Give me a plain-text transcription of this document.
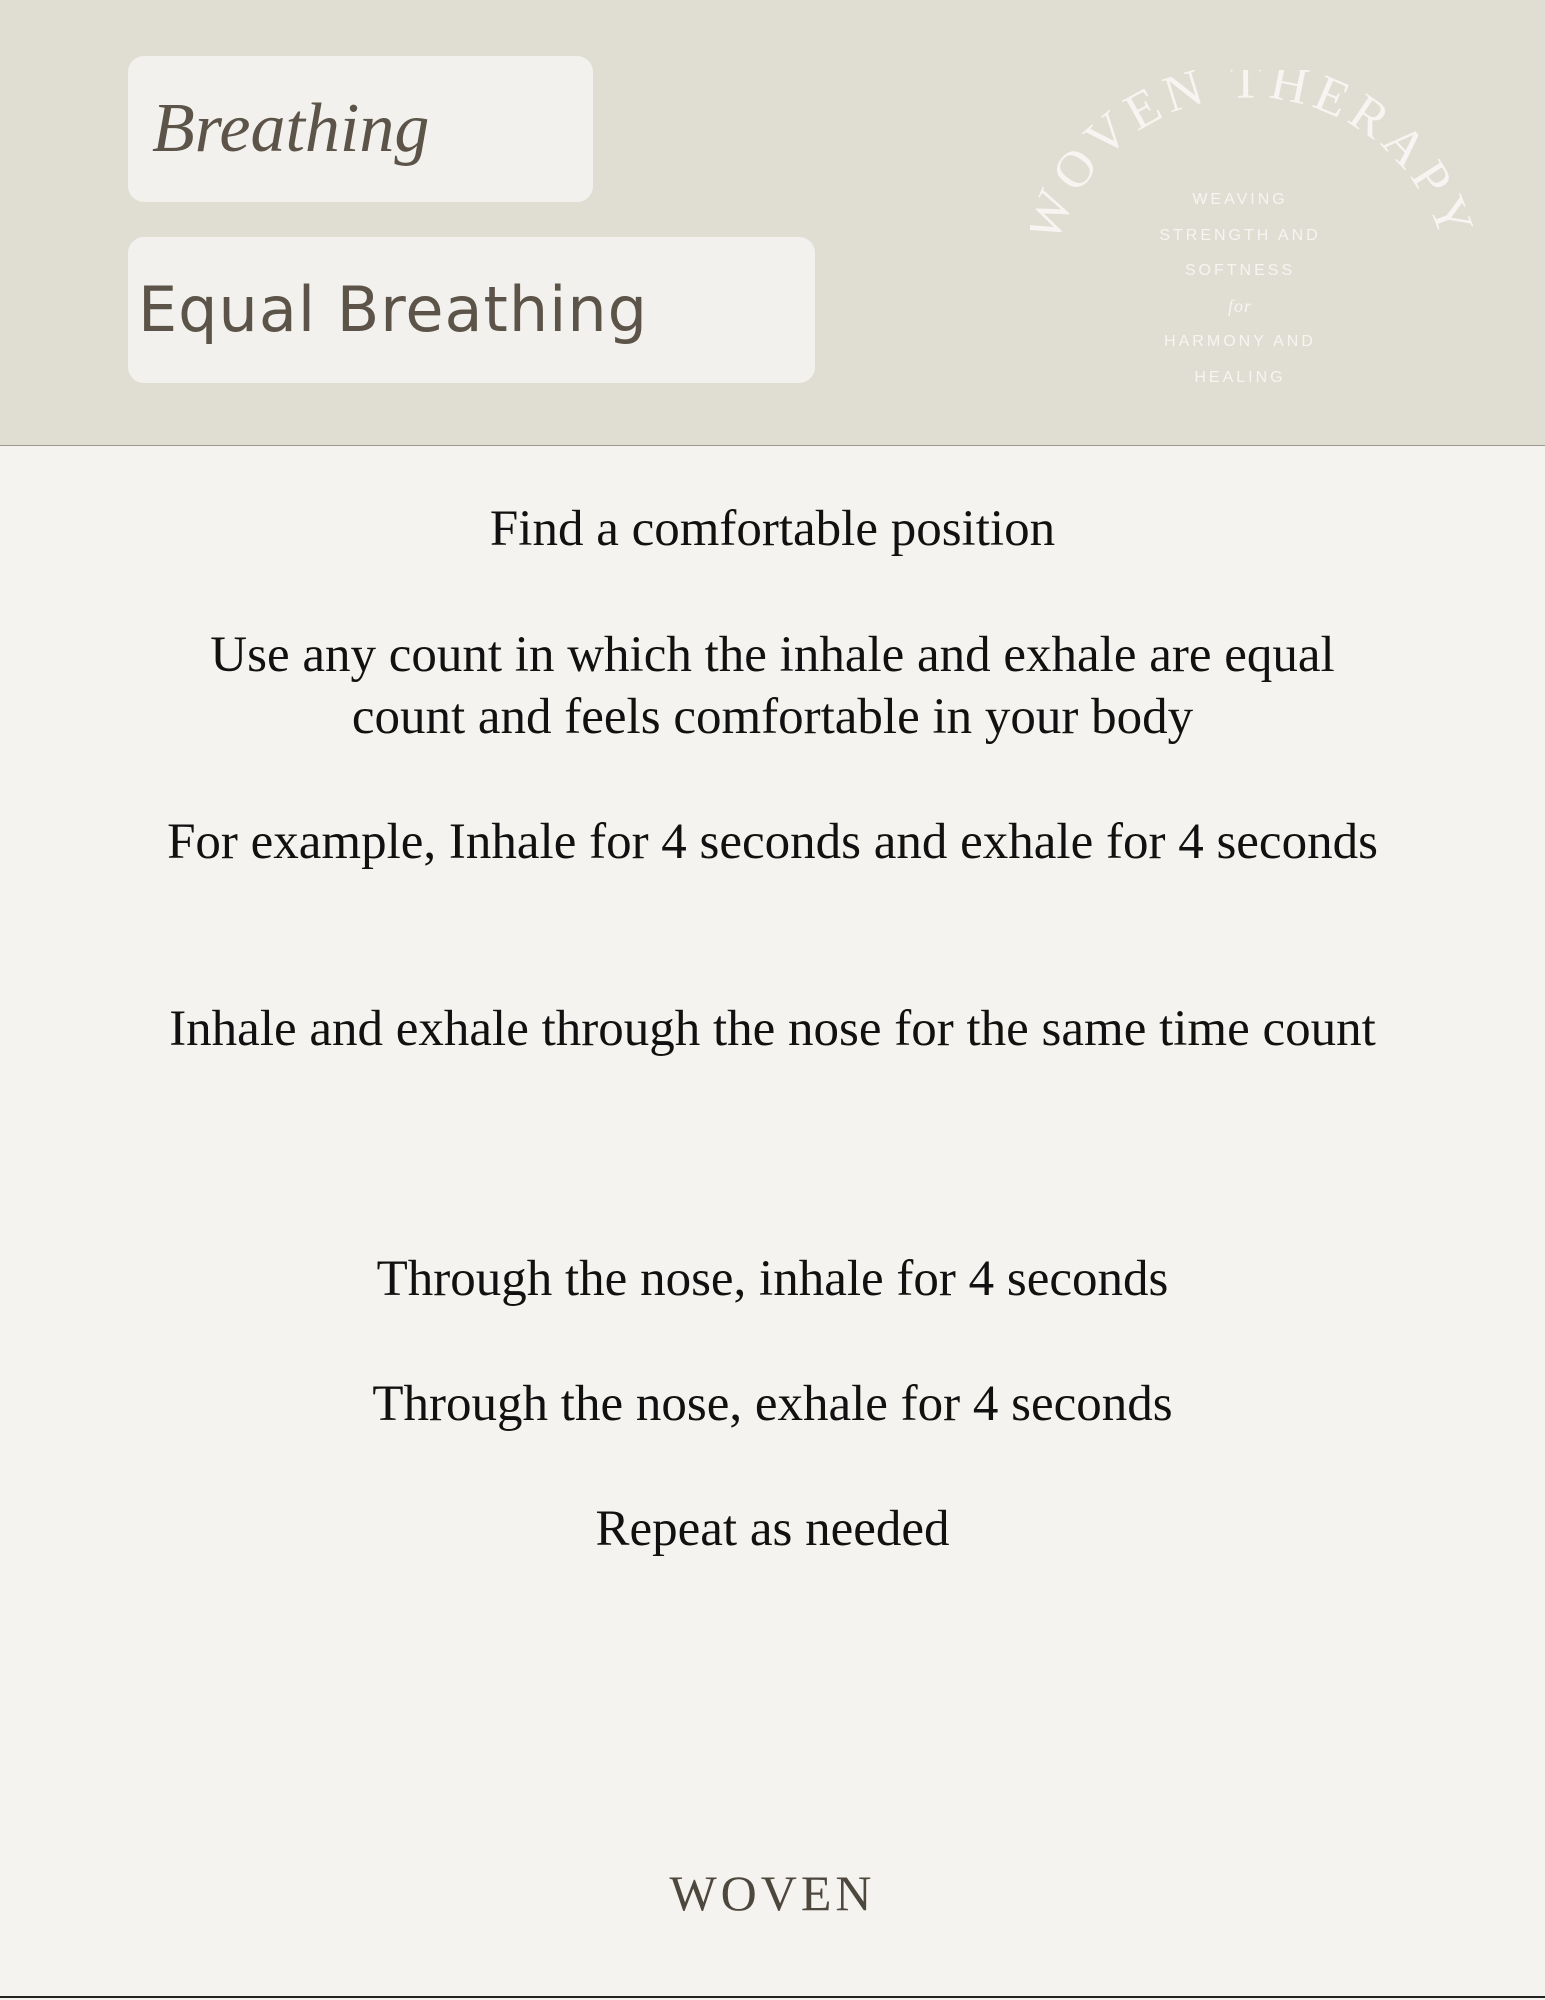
Breathing
Equal Breathing
OVEN THERAPY
WEAVING
STRENGTH AND
SOFTNESS
for
HARMONY AND
HEALING

Find a comfortable position

Use any count in which the inhale and exhale are equal count and feels comfortable in your body

For example, Inhale for 4 seconds and exhale for 4 seconds

Inhale and exhale through the nose for the same time count

Through the nose, inhale for 4 seconds

Through the nose, exhale for 4 seconds

Repeat as needed

WOVEN
